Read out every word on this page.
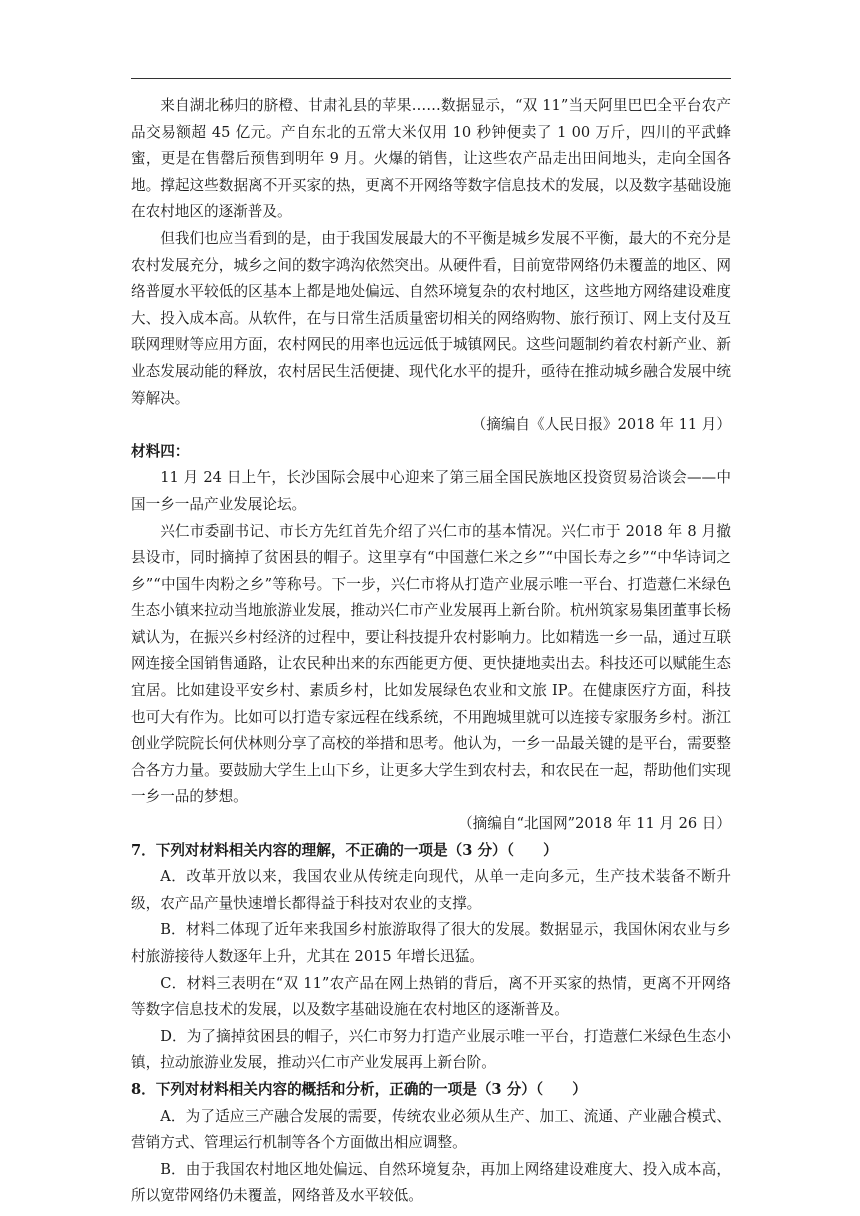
来自湖北秭归的脐橙、甘肃礼县的苹果……数据显示，“双 11”当天阿里巴巴全平台农产品交易额超 45 亿元。产自东北的五常大米仅用 10 秒钟便卖了 1 00 万斤，四川的平武蜂蜜，更是在售罄后预售到明年 9 月。火爆的销售，让这些农产品走出田间地头，走向全国各地。撑起这些数据离不开买家的热，更离不开网络等数字信息技术的发展，以及数字基础设施在农村地区的逐渐普及。

但我们也应当看到的是，由于我国发展最大的不平衡是城乡发展不平衡，最大的不充分是农村发展充分，城乡之间的数字鸿沟依然突出。从硬件看，目前宽带网络仍未覆盖的地区、网络普厦水平较低的区基本上都是地处偏远、自然环境复杂的农村地区，这些地方网络建设难度大、投入成本高。从软件，在与日常生活质量密切相关的网络购物、旅行预订、网上支付及互联网理财等应用方面，农村网民的用率也远远低于城镇网民。这些问题制约着农村新产业、新业态发展动能的释放，农村居民生活便捷、现代化水平的提升，亟待在推动城乡融合发展中统筹解决。

（摘编自《人民日报》2018 年 11 月）

材料四：

11 月 24 日上午，长沙国际会展中心迎来了第三届全国民族地区投资贸易洽谈会——中国一乡一品产业发展论坛。

兴仁市委副书记、市长方先红首先介绍了兴仁市的基本情况。兴仁市于 2018 年 8 月撤县设市，同时摘掉了贫困县的帽子。这里享有“中国薏仁米之乡”“中国长寿之乡”“中华诗词之乡”“中国牛肉粉之乡”等称号。下一步，兴仁市将从打造产业展示唯一平台、打造薏仁米绿色生态小镇来拉动当地旅游业发展，推动兴仁市产业发展再上新台阶。杭州筑家易集团董事长杨斌认为，在振兴乡村经济的过程中，要让科技提升农村影响力。比如精选一乡一品，通过互联网连接全国销售通路，让农民种出来的东西能更方便、更快捷地卖出去。科技还可以赋能生态宜居。比如建设平安乡村、素质乡村，比如发展绿色农业和文旅 IP。在健康医疗方面，科技也可大有作为。比如可以打造专家远程在线系统，不用跑城里就可以连接专家服务乡村。浙江创业学院院长何伏林则分享了高校的举措和思考。他认为，一乡一品最关键的是平台，需要整合各方力量。要鼓励大学生上山下乡，让更多大学生到农村去，和农民在一起，帮助他们实现一乡一品的梦想。

（摘编自“北国网”2018 年 11 月 26 日）

7．下列对材料相关内容的理解，不正确的一项是（3 分）（　　）

A．改革开放以来，我国农业从传统走向现代，从单一走向多元，生产技术装备不断升级，农产品产量快速增长都得益于科技对农业的支撑。

B．材料二体现了近年来我国乡村旅游取得了很大的发展。数据显示，我国休闲农业与乡村旅游接待人数逐年上升，尤其在 2015 年增长迅猛。

C．材料三表明在“双 11”农产品在网上热销的背后，离不开买家的热情，更离不开网络等数字信息技术的发展，以及数字基础设施在农村地区的逐渐普及。

D．为了摘掉贫困县的帽子，兴仁市努力打造产业展示唯一平台，打造薏仁米绿色生态小镇，拉动旅游业发展，推动兴仁市产业发展再上新台阶。

8．下列对材料相关内容的概括和分析，正确的一项是（3 分）（　　）

A．为了适应三产融合发展的需要，传统农业必须从生产、加工、流通、产业融合模式、营销方式、管理运行机制等各个方面做出相应调整。

B．由于我国农村地区地处偏远、自然环境复杂，再加上网络建设难度大、投入成本高，所以宽带网络仍未覆盖，网络普及水平较低。
